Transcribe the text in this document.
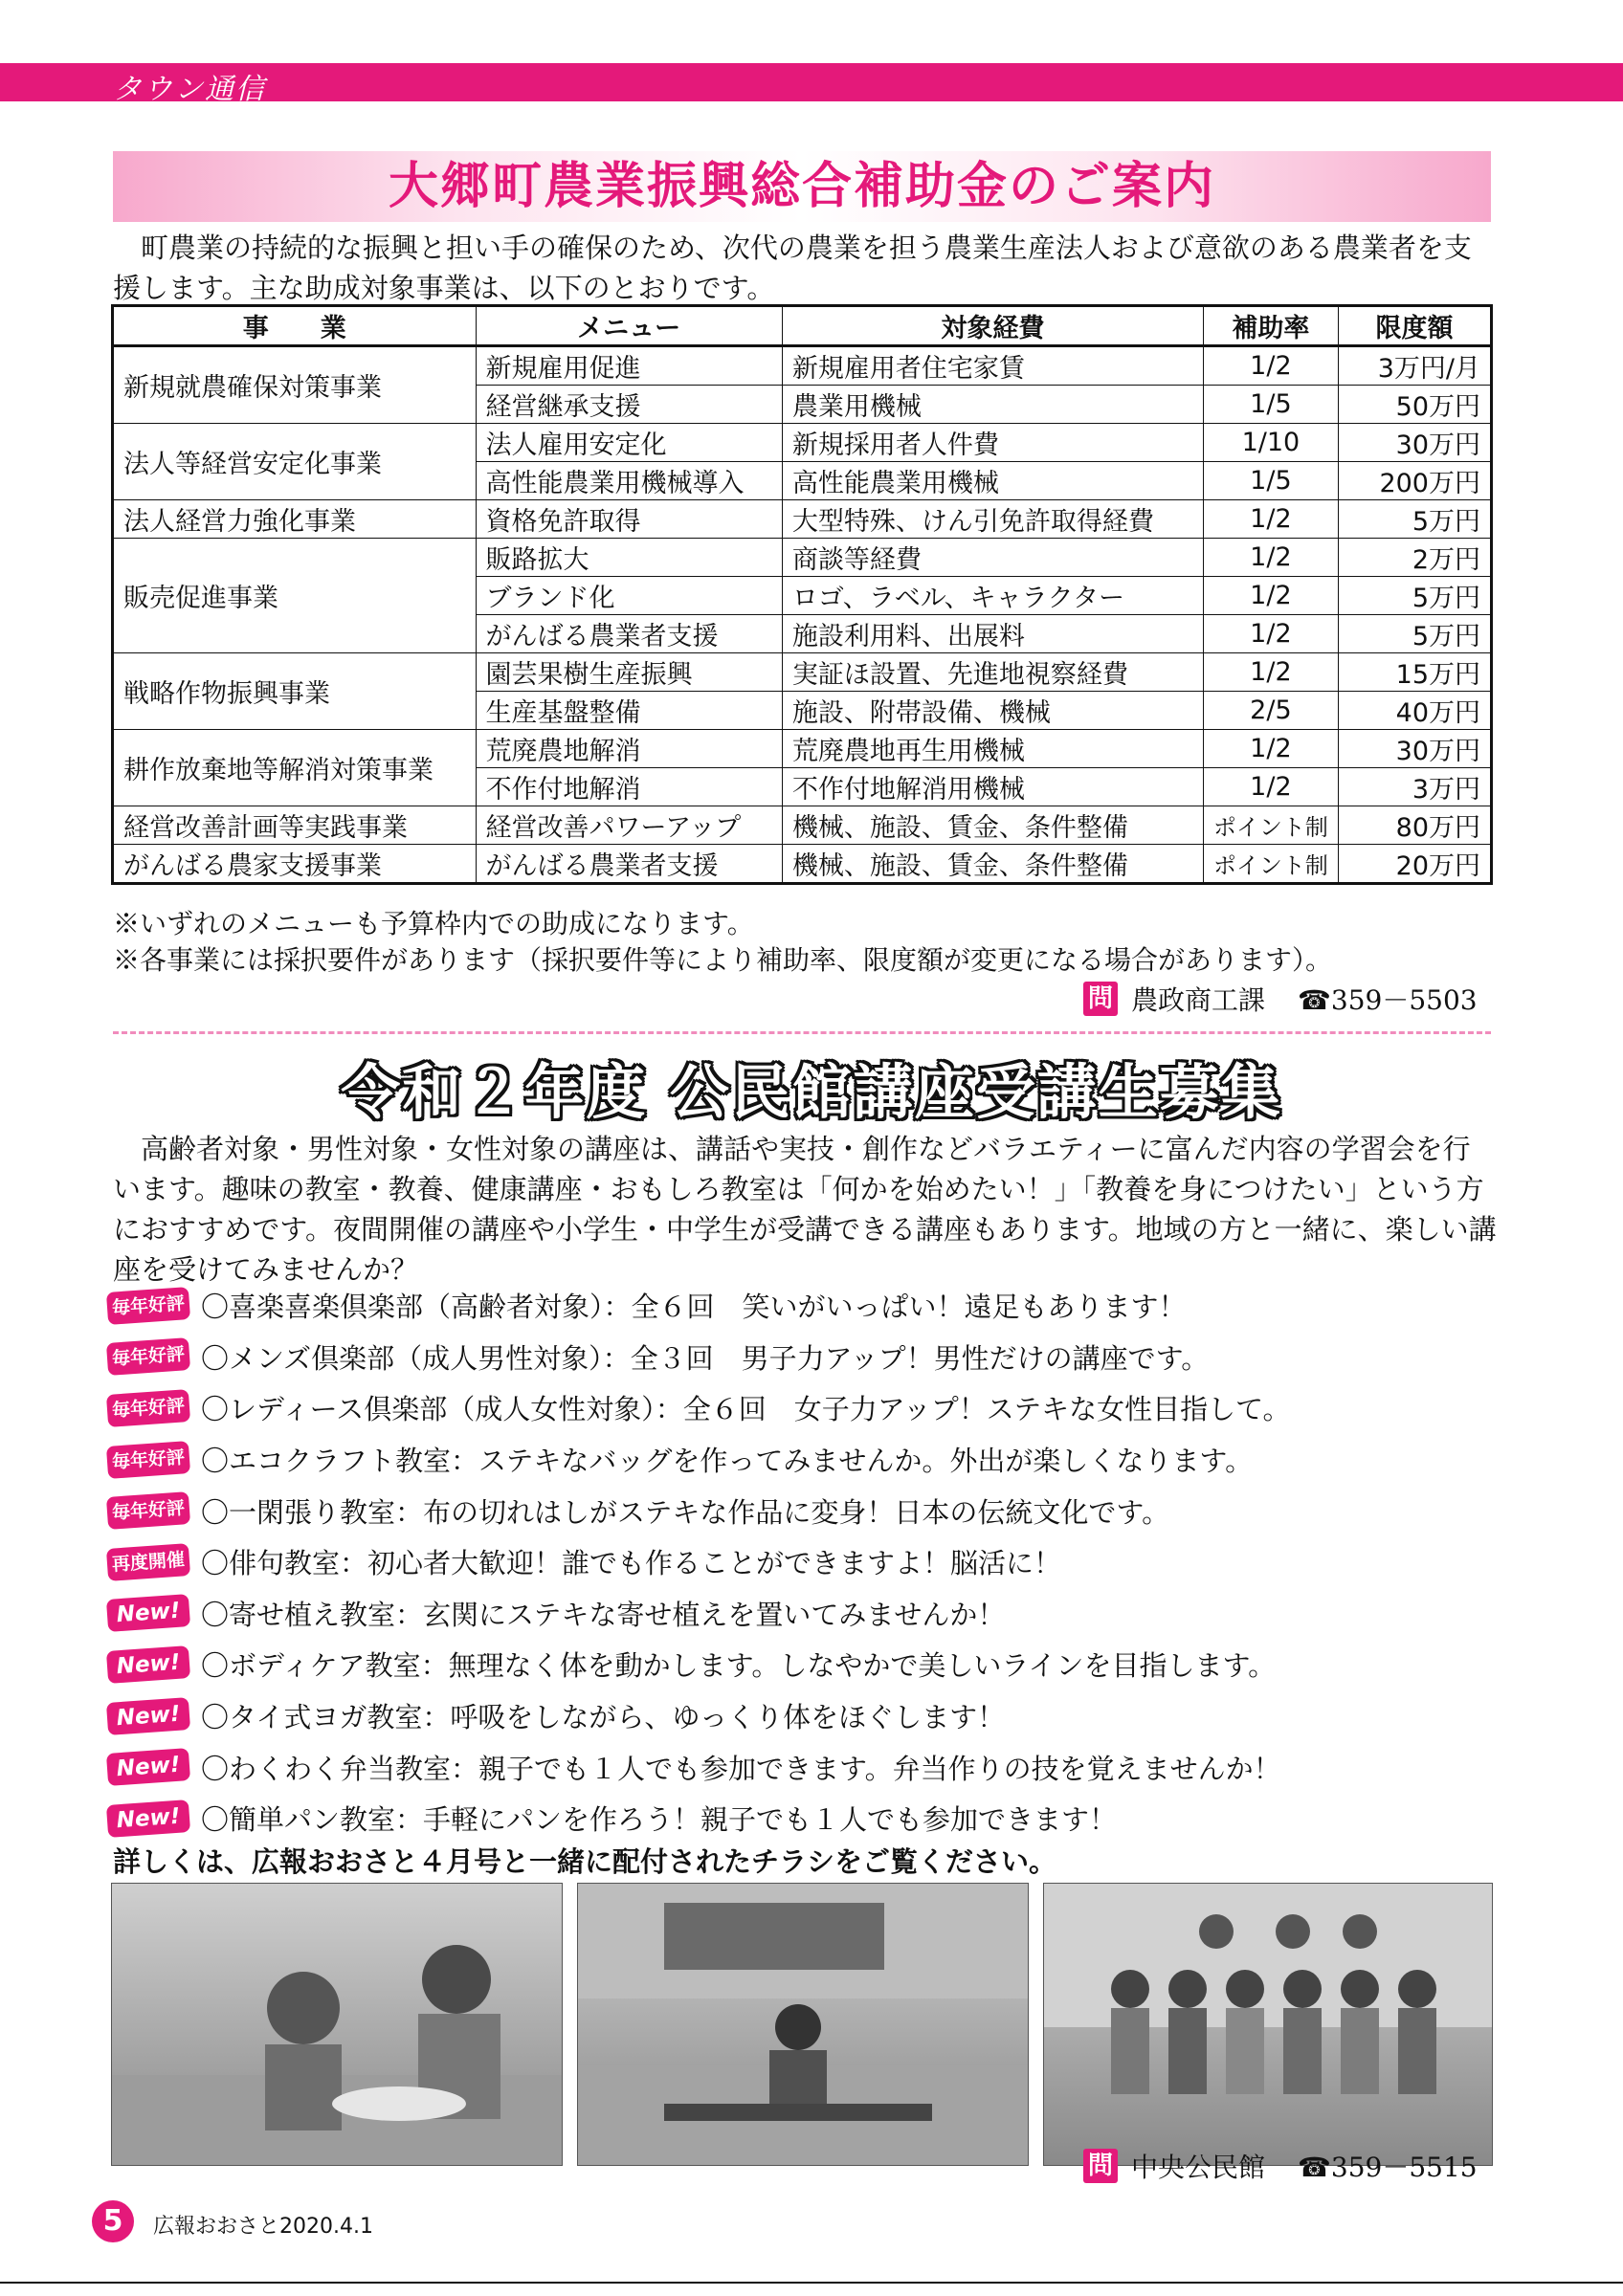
タウン通信
大郷町農業振興総合補助金のご案内
町農業の持続的な振興と担い手の確保のため、次代の農業を担う農業生産法人および意欲のある農業者を支援します。主な助成対象事業は、以下のとおりです。
事　　業	メニュー	対象経費	補助率	限度額
新規就農確保対策事業	新規雇用促進	新規雇用者住宅家賃	1/2	3万円/月
	経営継承支援	農業用機械	1/5	50万円
法人等経営安定化事業	法人雇用安定化	新規採用者人件費	1/10	30万円
	高性能農業用機械導入	高性能農業用機械	1/5	200万円
法人経営力強化事業	資格免許取得	大型特殊、けん引免許取得経費	1/2	5万円
販売促進事業	販路拡大	商談等経費	1/2	2万円
	ブランド化	ロゴ、ラベル、キャラクター	1/2	5万円
	がんばる農業者支援	施設利用料、出展料	1/2	5万円
戦略作物振興事業	園芸果樹生産振興	実証ほ設置、先進地視察経費	1/2	15万円
	生産基盤整備	施設、附帯設備、機械	2/5	40万円
耕作放棄地等解消対策事業	荒廃農地解消	荒廃農地再生用機械	1/2	30万円
	不作付地解消	不作付地解消用機械	1/2	3万円
経営改善計画等実践事業	経営改善パワーアップ	機械、施設、賃金、条件整備	ポイント制	80万円
がんばる農家支援事業	がんばる農業者支援	機械、施設、賃金、条件整備	ポイント制	20万円
※いずれのメニューも予算枠内での助成になります。
※各事業には採択要件があります（採択要件等により補助率、限度額が変更になる場合があります）。
問 農政商工課 ☎359－5503
令和２年度 公民館講座受講生募集
高齢者対象・男性対象・女性対象の講座は、講話や実技・創作などバラエティーに富んだ内容の学習会を行います。趣味の教室・教養、健康講座・おもしろ教室は「何かを始めたい！」「教養を身につけたい」という方におすすめです。夜間開催の講座や小学生・中学生が受講できる講座もあります。地域の方と一緒に、楽しい講座を受けてみませんか？
毎年好評 〇喜楽喜楽倶楽部（高齢者対象）：全６回　笑いがいっぱい！遠足もあります！
毎年好評 〇メンズ倶楽部（成人男性対象）：全３回　男子力アップ！男性だけの講座です。
毎年好評 〇レディース倶楽部（成人女性対象）：全６回　女子力アップ！ステキな女性目指して。
毎年好評 〇エコクラフト教室：ステキなバッグを作ってみませんか。外出が楽しくなります。
毎年好評 〇一閑張り教室：布の切れはしがステキな作品に変身！日本の伝統文化です。
再度開催 〇俳句教室：初心者大歓迎！誰でも作ることができますよ！脳活に！
New! 〇寄せ植え教室：玄関にステキな寄せ植えを置いてみませんか！
New! 〇ボディケア教室：無理なく体を動かします。しなやかで美しいラインを目指します。
New! 〇タイ式ヨガ教室：呼吸をしながら、ゆっくり体をほぐします！
New! 〇わくわく弁当教室：親子でも１人でも参加できます。弁当作りの技を覚えませんか！
New! 〇簡単パン教室：手軽にパンを作ろう！親子でも１人でも参加できます！
詳しくは、広報おおさと４月号と一緒に配付されたチラシをご覧ください。
問 中央公民館 ☎359－5515
5	広報おおさと2020.4.1
